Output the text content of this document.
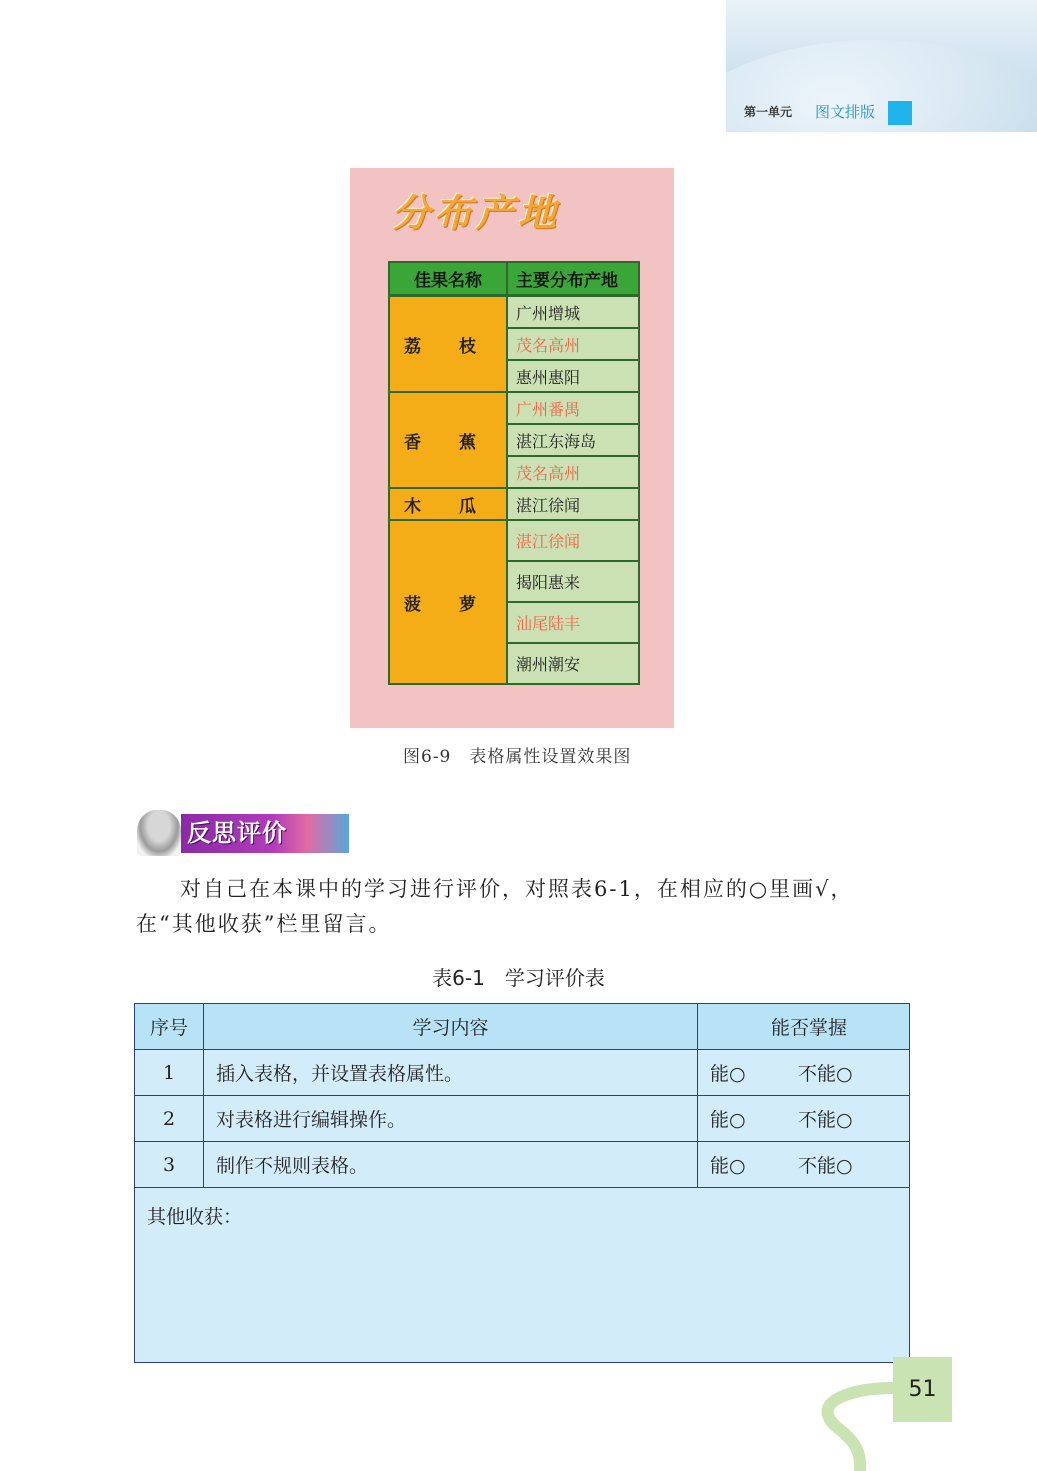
第一单元 图文排版
分布产地
佳果名称	主要分布产地
荔 枝	广州增城
	茂名高州
	惠州惠阳
香 蕉	广州番禺
	湛江东海岛
	茂名高州
木 瓜	湛江徐闻
菠 萝	湛江徐闻
	揭阳惠来
	汕尾陆丰
	潮州潮安
图6-9　表格属性设置效果图
反思评价
对自己在本课中的学习进行评价，对照表6-1，在相应的○里画√，
在“其他收获”栏里留言。
表6-1　学习评价表
序号	学习内容	能否掌握
1	插入表格，并设置表格属性。	能○ 不能○
2	对表格进行编辑操作。	能○ 不能○
3	制作不规则表格。	能○ 不能○
其他收获：		
51
